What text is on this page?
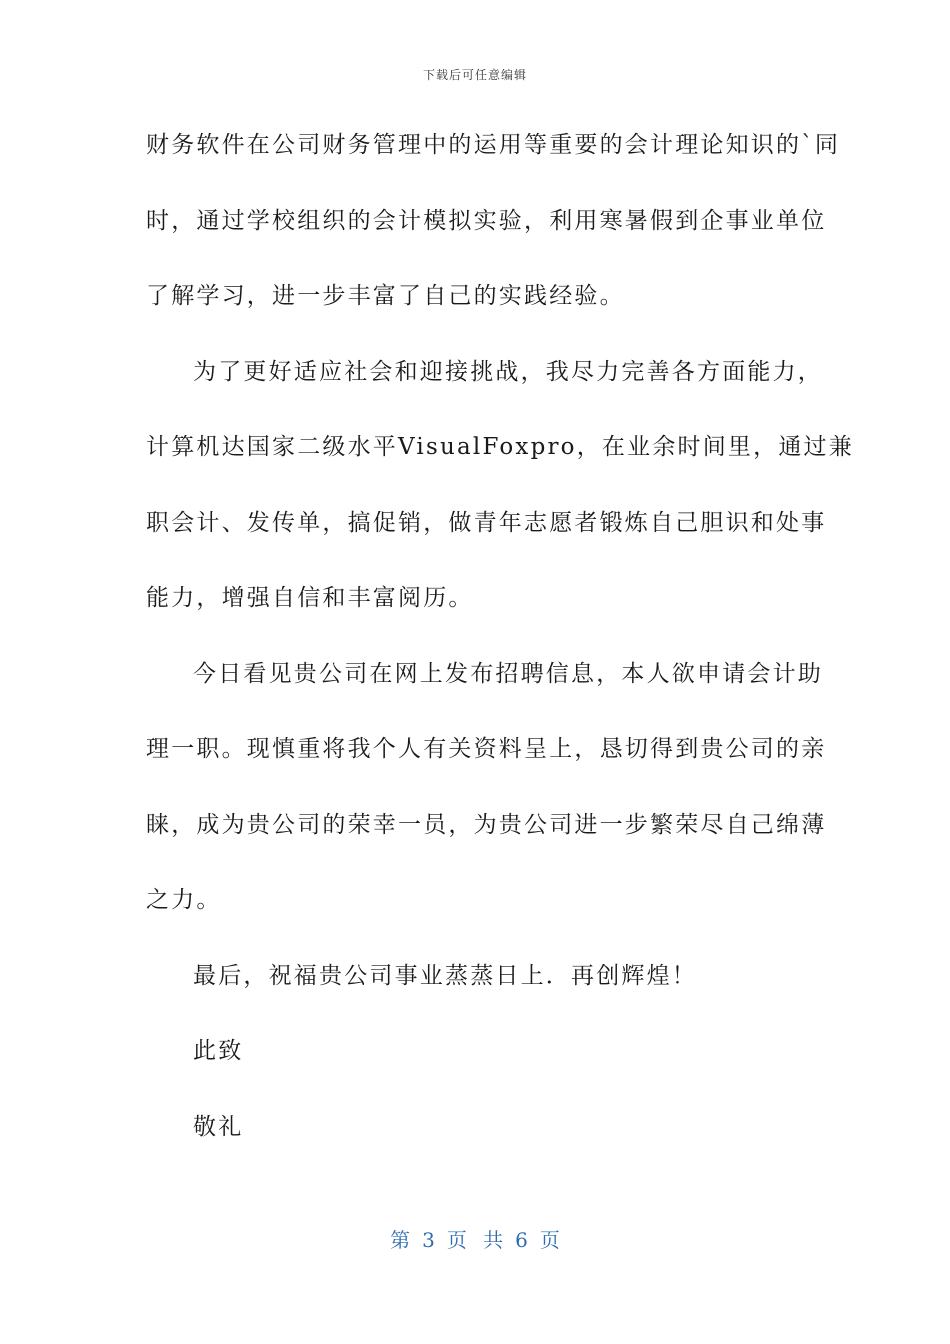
下载后可任意编辑
财务软件在公司财务管理中的运用等重要的会计理论知识的`同
时，通过学校组织的会计模拟实验，利用寒暑假到企事业单位
了解学习，进一步丰富了自己的实践经验。
为了更好适应社会和迎接挑战，我尽力完善各方面能力，
计算机达国家二级水平VisualFoxpro，在业余时间里，通过兼
职会计、发传单，搞促销，做青年志愿者锻炼自己胆识和处事
能力，增强自信和丰富阅历。
今日看见贵公司在网上发布招聘信息，本人欲申请会计助
理一职。现慎重将我个人有关资料呈上，恳切得到贵公司的亲
睐，成为贵公司的荣幸一员，为贵公司进一步繁荣尽自己绵薄
之力。
最后，祝福贵公司事业蒸蒸日上．再创辉煌！
此致
敬礼
第 3 页 共 6 页
